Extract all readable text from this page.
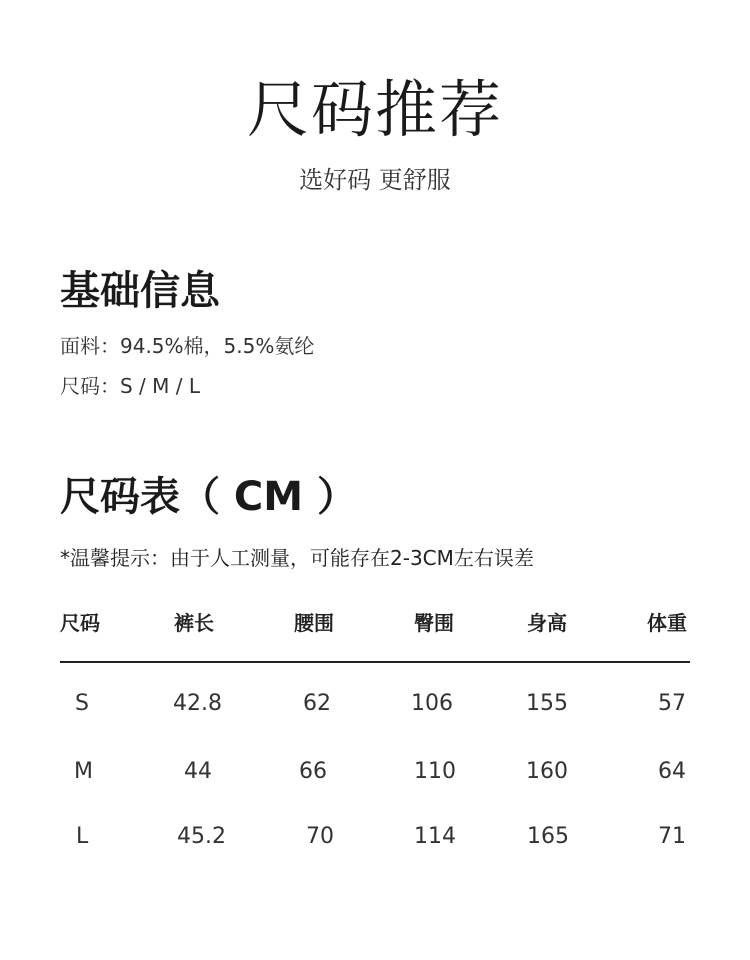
尺码推荐
选好码 更舒服
基础信息
面料：94.5%棉，5.5%氨纶
尺码：S / M / L
尺码表（ CM ）
*温馨提示：由于人工测量，可能存在2-3CM左右误差
尺码	裤长	腰围	臀围	身高	体重
S	42.8	62	106	155	57
M	44	66	110	160	64
L	45.2	70	114	165	71
